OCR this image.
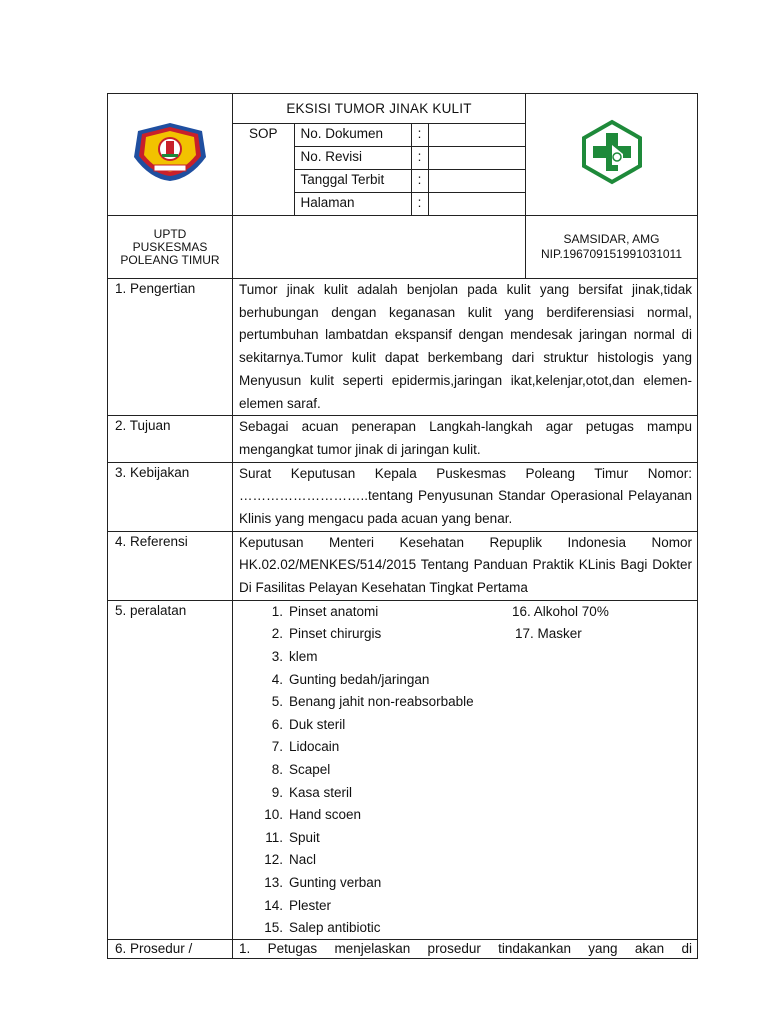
	EKSISI TUMOR JINAK KULIT	

SOP	No. Dokumen	:	
No. Revisi	:	
Tanggal Terbit	:	
Halaman	:	

UPTD
PUSKESMAS
POLEANG TIMUR

SAMSIDAR, AMG
NIP.196709151991031011

1. Pengertian	Tumor jinak kulit adalah benjolan pada kulit yang bersifat jinak,tidak berhubungan dengan keganasan kulit yang berdiferensiasi normal, pertumbuhan lambatdan ekspansif dengan mendesak jaringan normal di sekitarnya.Tumor kulit dapat berkembang dari struktur histologis yang Menyusun kulit seperti epidermis,jaringan ikat,kelenjar,otot,dan elemen-elemen saraf.

2. Tujuan	Sebagai acuan penerapan Langkah-langkah agar petugas mampu mengangkat tumor jinak di jaringan kulit.

3. Kebijakan	Surat Keputusan Kepala Puskesmas Poleang Timur Nomor: ………………………..tentang Penyusunan Standar Operasional Pelayanan Klinis yang mengacu pada acuan yang benar.

4. Referensi	Keputusan Menteri Kesehatan Repuplik Indonesia Nomor HK.02.02/MENKES/514/2015 Tentang Panduan Praktik KLinis Bagi Dokter Di Fasilitas Pelayan Kesehatan Tingkat Pertama

5. peralatan	1. Pinset anatomi
2. Pinset chirurgis
3. klem
4. Gunting bedah/jaringan
5. Benang jahit non-reabsorbable
6. Duk steril
7. Lidocain
8. Scapel
9. Kasa steril
10. Hand scoen
11. Spuit
12. Nacl
13. Gunting verban
14. Plester
15. Salep antibiotic
16. Alkohol 70%
17. Masker

6. Prosedur /	1. Petugas menjelaskan prosedur tindakankan yang akan di
